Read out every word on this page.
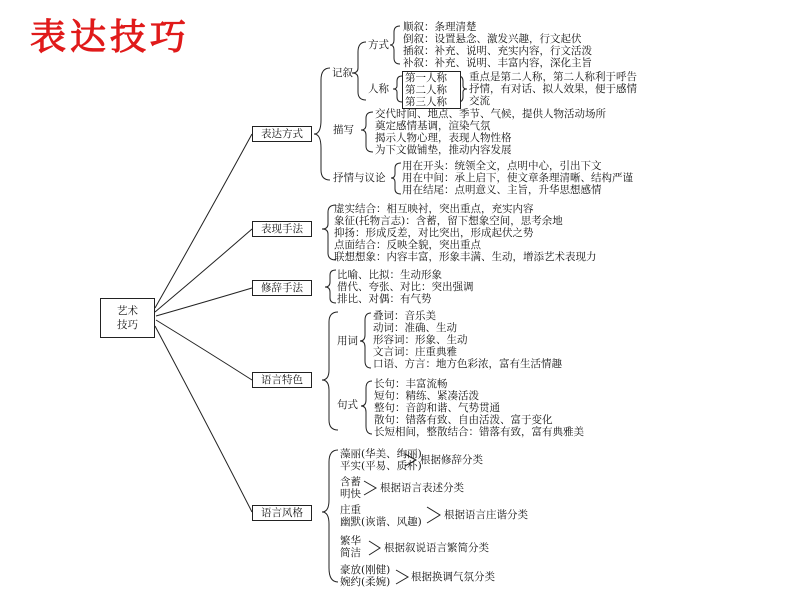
表达技巧
艺术
技巧
表达方式
表现手法
修辞手法
语言特色
语言风格
记叙
方式
顺叙：条理清楚
倒叙：设置悬念、激发兴趣，行文起伏
插叙：补充、说明、充实内容，行文活泼
补叙：补充、说明、丰富内容，深化主旨
人称
第一人称
第二人称
第三人称
重点是第二人称，第二人称利于呼告
抒情，有对话、拟人效果，便于感情
交流
描写
交代时间、地点、季节、气候，提供人物活动场所
奠定感情基调，渲染气氛
揭示人物心理，表现人物性格
为下文做铺垫，推动内容发展
抒情与议论
用在开头：统领全文，点明中心，引出下文
用在中间：承上启下，使文章条理清晰、结构严谨
用在结尾：点明意义、主旨，升华思想感情
虚实结合：相互映衬，突出重点，充实内容
象征(托物言志)：含蓄，留下想象空间，思考余地
抑扬：形成反差，对比突出，形成起伏之势
点面结合：反映全貌，突出重点
联想想象：内容丰富，形象丰满、生动，增添艺术表现力
比喻、比拟：生动形象
借代、夸张、对比：突出强调
排比、对偶：有气势
用词
叠词：音乐美
动词：准确、生动
形容词：形象、生动
文言词：庄重典雅
口语、方言：地方色彩浓，富有生活情趣
句式
长句：丰富流畅
短句：精练、紧凑活泼
整句：音韵和谐、气势贯通
散句：错落有致、自由活泼、富于变化
长短相间，整散结合：错落有致，富有典雅美
藻丽(华美、绚丽)
平实(平易、质朴)
根据修辞分类
含蓄
明快 根据语言表述分类
庄重
幽默(诙谐、风趣)
根据语言庄谐分类
繁华
简洁 根据叙说语言繁简分类
豪放(刚健)
婉约(柔婉) 根据换调气氛分类
